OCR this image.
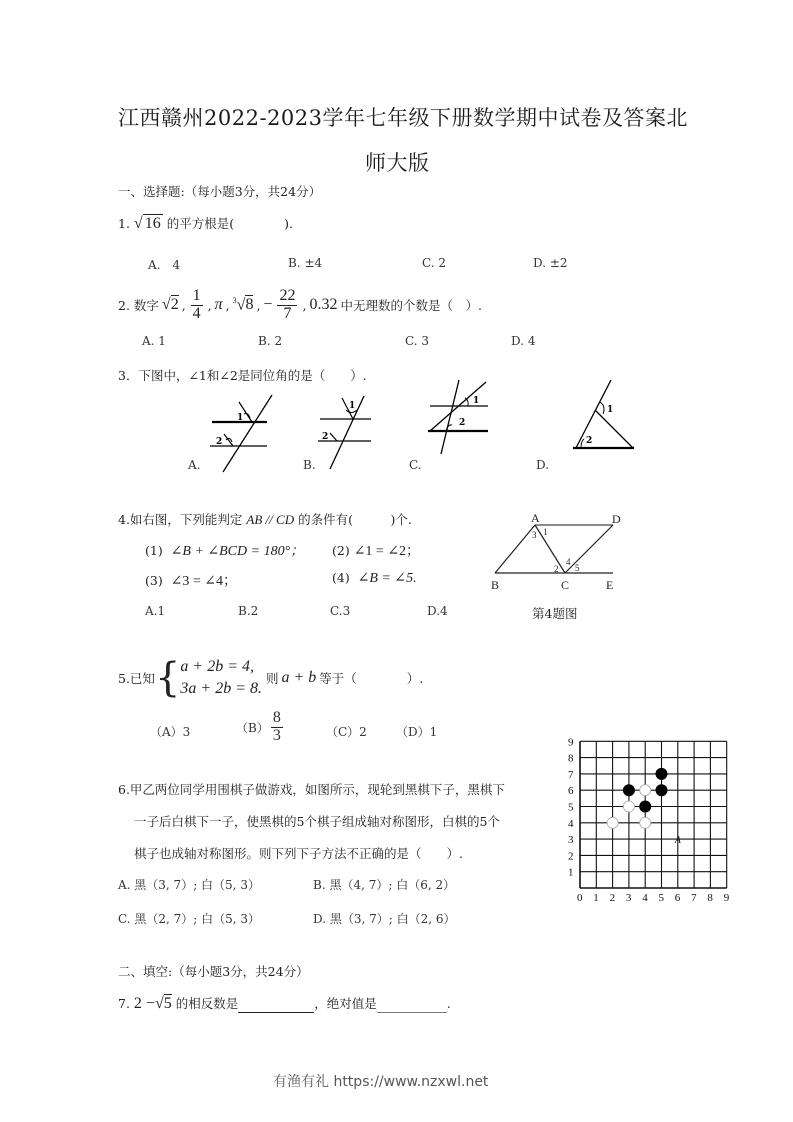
江西赣州2022-2023学年七年级下册数学期中试卷及答案北
师大版
一、选择题:（每小题3分，共24分）
1. √ 16 的平方根是(　　　　).
A.　4	B. ±4	C. 2	D. ±2
2. 数字 √2 , $\frac{1}{4}$ , π , $^3$√8 , − $\frac{22}{7}$ , 0.32 中无理数的个数是（　）.
A. 1	B. 2	C. 3	D. 4
3．下图中，∠1和∠2是同位角的是（　　）.
1
2
A.
1
2
B.
1
2
C.
1
2
D.
4.如右图，下列能判定 AB // CD 的条件有(　　　)个.
(1) ∠B + ∠BCD = 180°； (2) ∠1 = ∠2；
(3) ∠3 = ∠4；	(4) ∠B = ∠5.
A.1	B.2	C.3	D.4
A	D
B	C	E
1
2
3
4
5
第4题图
5.已知 { a + 2b = 4,
3a + 2b = 8.
则 a + b 等于（　　　　）.
（A）3	$(B) \frac{8}{3}$	（C）2 （D）1
6.甲乙两位同学用围棋子做游戏，如图所示，现轮到黑棋下子，黑棋下
一子后白棋下一子，使黑棋的5个棋子组成轴对称图形，白棋的5个
棋子也成轴对称图形。则下列下子方法不正确的是（　　）.
A. 黑（3, 7）; 白（5, 3）	B. 黑（4, 7）; 白（6, 2）
C. 黑（2, 7）; 白（5, 3）	D. 黑（3, 7）; 白（2, 6）
0 1 2 3 4 5 6 7 8 9
1
2
3
4
5
6
7
8
9
A
二、填空:（每小题3分，共24分）
7. 2 −√5 的相反数是	，绝对值是	.
有渔有礼 https://www.nzxwl.net
